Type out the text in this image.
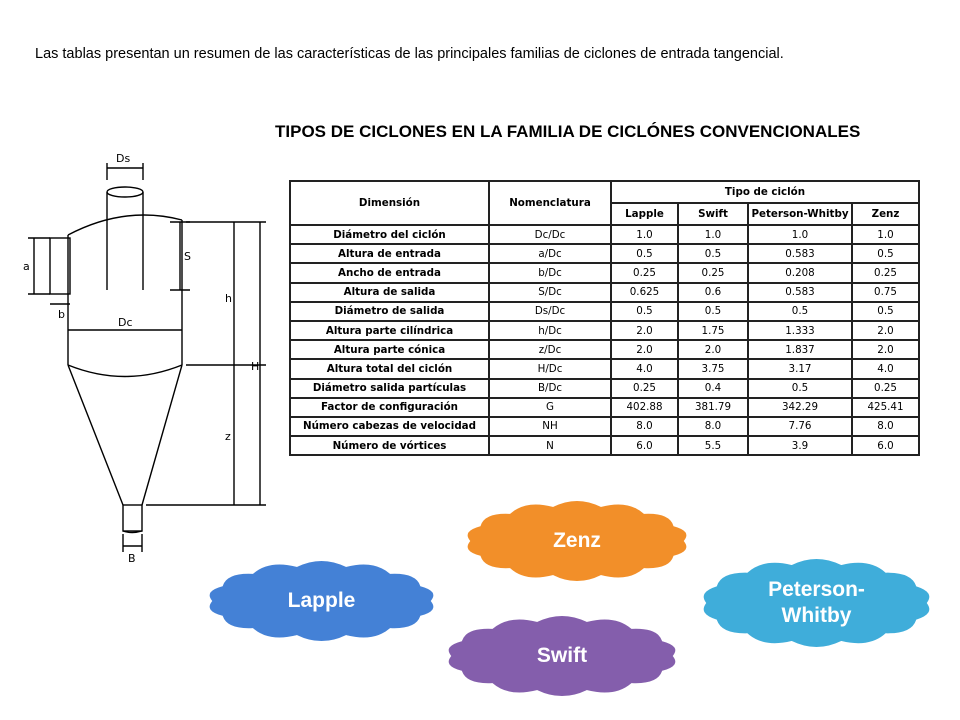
Las tablas presentan un resumen de las características de las principales familias de ciclones de entrada tangencial.
TIPOS DE CICLONES EN LA FAMILIA DE CICLÓNES CONVENCIONALES
Ds
a
b
S
Dc
h
H
z
B
Dimensión	Nomenclatura	Tipo de ciclón			
		Lapple	Swift	Peterson-Whitby	Zenz
Diámetro del ciclón	Dc/Dc	1.0	1.0	1.0	1.0
Altura de entrada	a/Dc	0.5	0.5	0.583	0.5
Ancho de entrada	b/Dc	0.25	0.25	0.208	0.25
Altura de salida	S/Dc	0.625	0.6	0.583	0.75
Diámetro de salida	Ds/Dc	0.5	0.5	0.5	0.5
Altura parte cilíndrica	h/Dc	2.0	1.75	1.333	2.0
Altura parte cónica	z/Dc	2.0	2.0	1.837	2.0
Altura total del ciclón	H/Dc	4.0	3.75	3.17	4.0
Diámetro salida partículas	B/Dc	0.25	0.4	0.5	0.25
Factor de configuración	G	402.88	381.79	342.29	425.41
Número cabezas de velocidad	NH	8.0	8.0	7.76	8.0
Número de vórtices	N	6.0	5.5	3.9	6.0
Zenz
Lapple	Peterson-
Whitby
Swift
